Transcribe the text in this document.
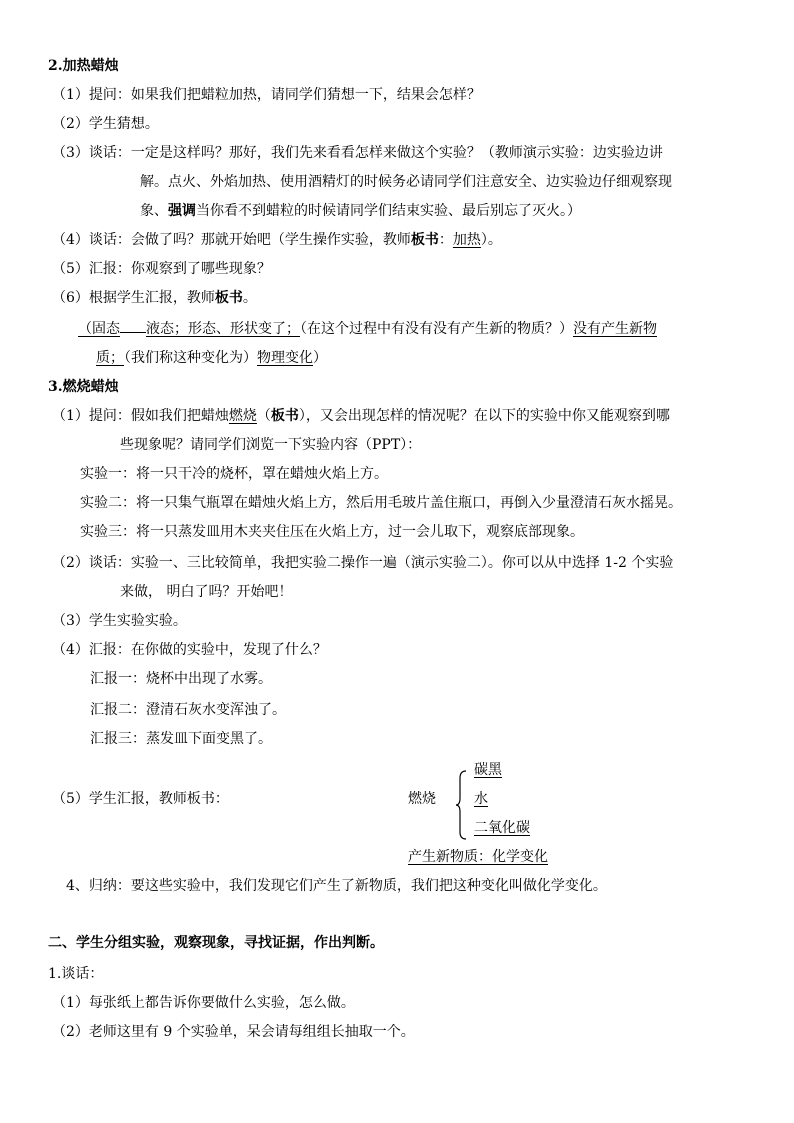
2.加热蜡烛
（1）提问：如果我们把蜡粒加热，请同学们猜想一下，结果会怎样？
（2）学生猜想。
（3）谈话：一定是这样吗？那好，我们先来看看怎样来做这个实验？（教师演示实验：边实验边讲
解。点火、外焰加热、使用酒精灯的时候务必请同学们注意安全、边实验边仔细观察现
象、强调当你看不到蜡粒的时候请同学们结束实验、最后别忘了灭火。）
（4）谈话：会做了吗？那就开始吧（学生操作实验，教师板书：加热）。
（5）汇报：你观察到了哪些现象？
（6）根据学生汇报，教师板书。
（固态 液态；形态、形状变了；（在这个过程中有没有没有产生新的物质？）没有产生新物
质；（我们称这种变化为）物理变化）
3.燃烧蜡烛
（1）提问：假如我们把蜡烛燃烧（板书），又会出现怎样的情况呢？在以下的实验中你又能观察到哪
些现象呢？请同学们浏览一下实验内容（PPT）：
实验一：将一只干冷的烧杯，罩在蜡烛火焰上方。
实验二：将一只集气瓶罩在蜡烛火焰上方，然后用毛玻片盖住瓶口，再倒入少量澄清石灰水摇晃。
实验三：将一只蒸发皿用木夹夹住压在火焰上方，过一会儿取下，观察底部现象。
（2）谈话：实验一、三比较简单，我把实验二操作一遍（演示实验二）。你可以从中选择 1-2 个实验
来做， 明白了吗？开始吧！
（3）学生实验实验。
（4）汇报：在你做的实验中，发现了什么？
汇报一：烧杯中出现了水雾。
汇报二：澄清石灰水变浑浊了。
汇报三：蒸发皿下面变黑了。
（5）学生汇报，教师板书：	燃烧
碳黑
水
二氧化碳
产生新物质：化学变化
4、归纳：要这些实验中，我们发现它们产生了新物质，我们把这种变化叫做化学变化。
二、学生分组实验，观察现象，寻找证据，作出判断。
1.谈话：
（1）每张纸上都告诉你要做什么实验，怎么做。
（2）老师这里有 9 个实验单，呆会请每组组长抽取一个。
